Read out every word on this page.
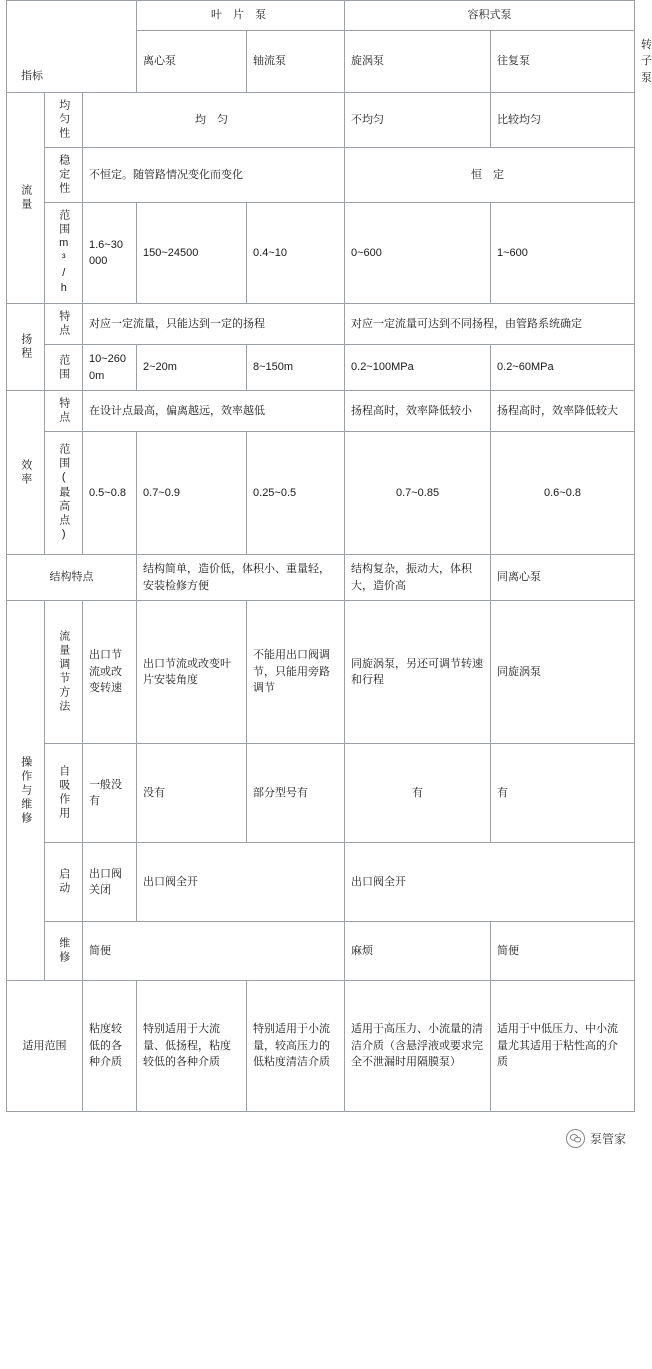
指标			叶 片 泵		容积式泵		
			离心泵	轴流泵	旋涡泵	往复泵	转子泵

流量	均匀性	均 匀			不均匀	比较均匀	

	稳定性	不恒定。随管路情况变化而变化			恒 定		

	范围m³/h	1.6~30 000	150~24500	0.4~10	0~600	1~600	

扬程	特点	对应一定流量，只能达到一定的扬程			对应一定流量可达到不同扬程，由管路系统确定		

	范围	10~2600m	2~20m	8~150m	0.2~100MPa	0.2~60MPa	

效率	特点	在设计点最高，偏离越远，效率越低			扬程高时，效率降低较小	扬程高时，效率降低较大	

	范围(最高点)	0.5~0.8	0.7~0.9	0.25~0.5	0.7~0.85	0.6~0.8	
结构特点			结构简单，造价低，体积小、重量轻，安装检修方便		结构复杂，振动大，体积大，造价高	同离心泵	

操作与维修	流量调节方法	出口节流或改变转速	出口节流或改变叶片安装角度	不能用出口阀调节，只能用旁路调节	同旋涡泵，另还可调节转速和行程	同旋涡泵	

	自吸作用	一般没有	没有	部分型号有	有	有	

	启动	出口阀关闭	出口阀全开		出口阀全开		

	维修	简便			麻烦	简便	
适用范围		粘度较低的各种介质	特别适用于大流量、低扬程，粘度较低的各种介质	特别适用于小流量，较高压力的低粘度清洁介质	适用于高压力、小流量的清洁介质（含悬浮液或要求完全不泄漏时用隔膜泵）	适用于中低压力、中小流量尤其适用于粘性高的介质	
泵管家
